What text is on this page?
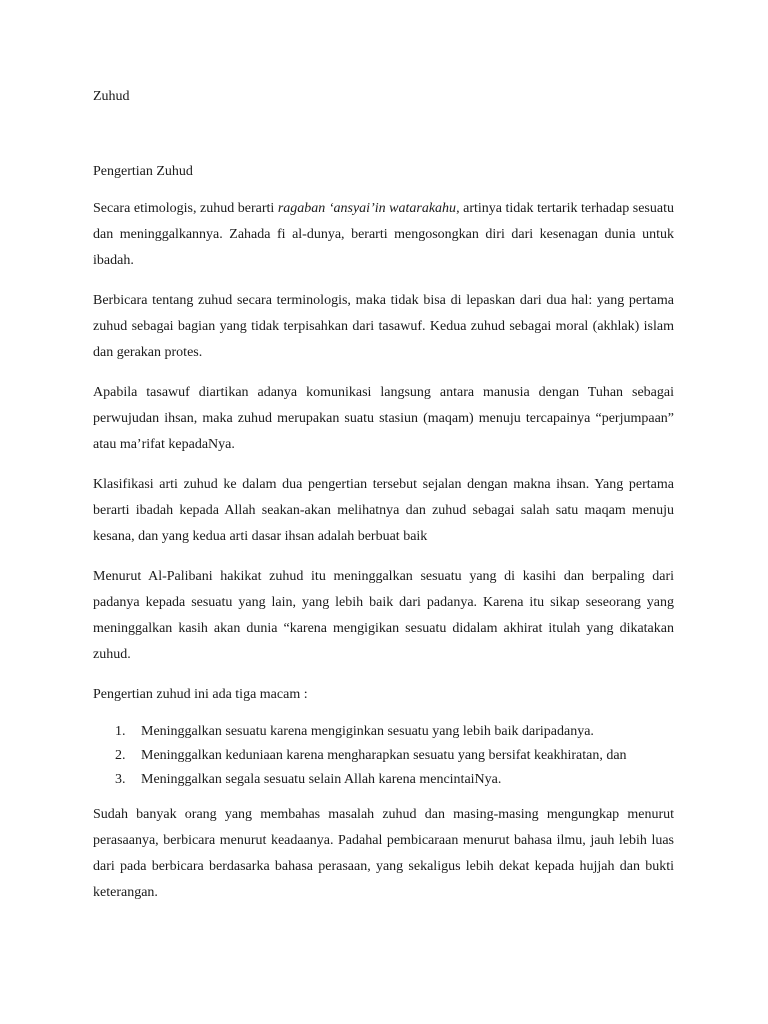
Zuhud
Pengertian Zuhud

Secara etimologis, zuhud berarti ragaban ‘ansyai’in watarakahu, artinya tidak tertarik terhadap sesuatu dan meninggalkannya. Zahada fi al-dunya, berarti mengosongkan diri dari kesenagan dunia untuk ibadah.

Berbicara tentang zuhud secara terminologis, maka tidak bisa di lepaskan dari dua hal: yang pertama zuhud sebagai bagian yang tidak terpisahkan dari tasawuf. Kedua zuhud sebagai moral (akhlak) islam dan gerakan protes.

Apabila tasawuf diartikan adanya komunikasi langsung antara manusia dengan Tuhan sebagai perwujudan ihsan, maka zuhud merupakan suatu stasiun (maqam) menuju tercapainya “perjumpaan” atau ma’rifat kepadaNya.

Klasifikasi arti zuhud ke dalam dua pengertian tersebut sejalan dengan makna ihsan. Yang pertama berarti ibadah kepada Allah seakan-akan melihatnya dan zuhud sebagai salah satu maqam menuju kesana, dan yang kedua arti dasar ihsan adalah berbuat baik

Menurut Al-Palibani hakikat zuhud itu meninggalkan sesuatu yang di kasihi dan berpaling dari padanya kepada sesuatu yang lain, yang lebih baik dari padanya. Karena itu sikap seseorang yang meninggalkan kasih akan dunia “karena mengigikan sesuatu didalam akhirat itulah yang dikatakan zuhud.

Pengertian zuhud ini ada tiga macam :

1. Meninggalkan sesuatu karena mengiginkan sesuatu yang lebih baik daripadanya.
2. Meninggalkan keduniaan karena mengharapkan sesuatu yang bersifat keakhiratan, dan
3. Meninggalkan segala sesuatu selain Allah karena mencintaiNya.

Sudah banyak orang yang membahas masalah zuhud dan masing-masing mengungkap menurut perasaanya, berbicara menurut keadaanya. Padahal pembicaraan menurut bahasa ilmu, jauh lebih luas dari pada berbicara berdasarka bahasa perasaan, yang sekaligus lebih dekat kepada hujjah dan bukti keterangan.
